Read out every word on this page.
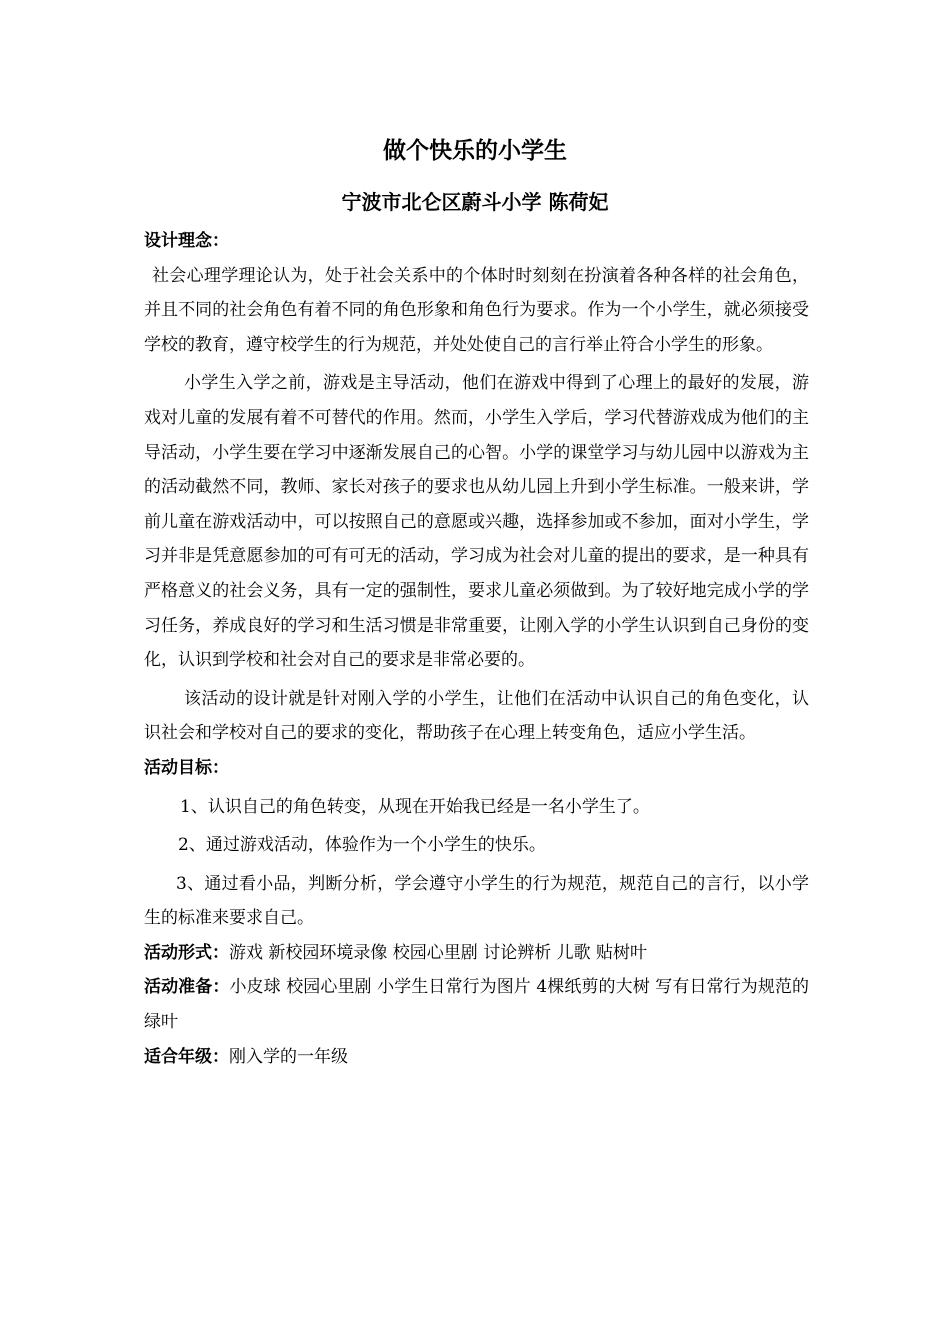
做个快乐的小学生
宁波市北仑区蔚斗小学 陈荷妃
设计理念：

社会心理学理论认为，处于社会关系中的个体时时刻刻在扮演着各种各样的社会角色，并且不同的社会角色有着不同的角色形象和角色行为要求。作为一个小学生，就必须接受学校的教育，遵守校学生的行为规范，并处处使自己的言行举止符合小学生的形象。

小学生入学之前，游戏是主导活动，他们在游戏中得到了心理上的最好的发展，游戏对儿童的发展有着不可替代的作用。然而，小学生入学后，学习代替游戏成为他们的主导活动，小学生要在学习中逐渐发展自己的心智。小学的课堂学习与幼儿园中以游戏为主的活动截然不同，教师、家长对孩子的要求也从幼儿园上升到小学生标准。一般来讲，学前儿童在游戏活动中，可以按照自己的意愿或兴趣，选择参加或不参加，面对小学生，学习并非是凭意愿参加的可有可无的活动，学习成为社会对儿童的提出的要求，是一种具有严格意义的社会义务，具有一定的强制性，要求儿童必须做到。为了较好地完成小学的学习任务，养成良好的学习和生活习惯是非常重要，让刚入学的小学生认识到自己身份的变化，认识到学校和社会对自己的要求是非常必要的。

该活动的设计就是针对刚入学的小学生，让他们在活动中认识自己的角色变化，认识社会和学校对自己的要求的变化，帮助孩子在心理上转变角色，适应小学生活。

活动目标：

1、认识自己的角色转变，从现在开始我已经是一名小学生了。

2、通过游戏活动，体验作为一个小学生的快乐。

3、通过看小品，判断分析，学会遵守小学生的行为规范，规范自己的言行，以小学生的标准来要求自己。

活动形式：游戏 新校园环境录像 校园心里剧 讨论辨析 儿歌 贴树叶

活动准备：小皮球 校园心里剧 小学生日常行为图片 4棵纸剪的大树 写有日常行为规范的绿叶

适合年级：刚入学的一年级
